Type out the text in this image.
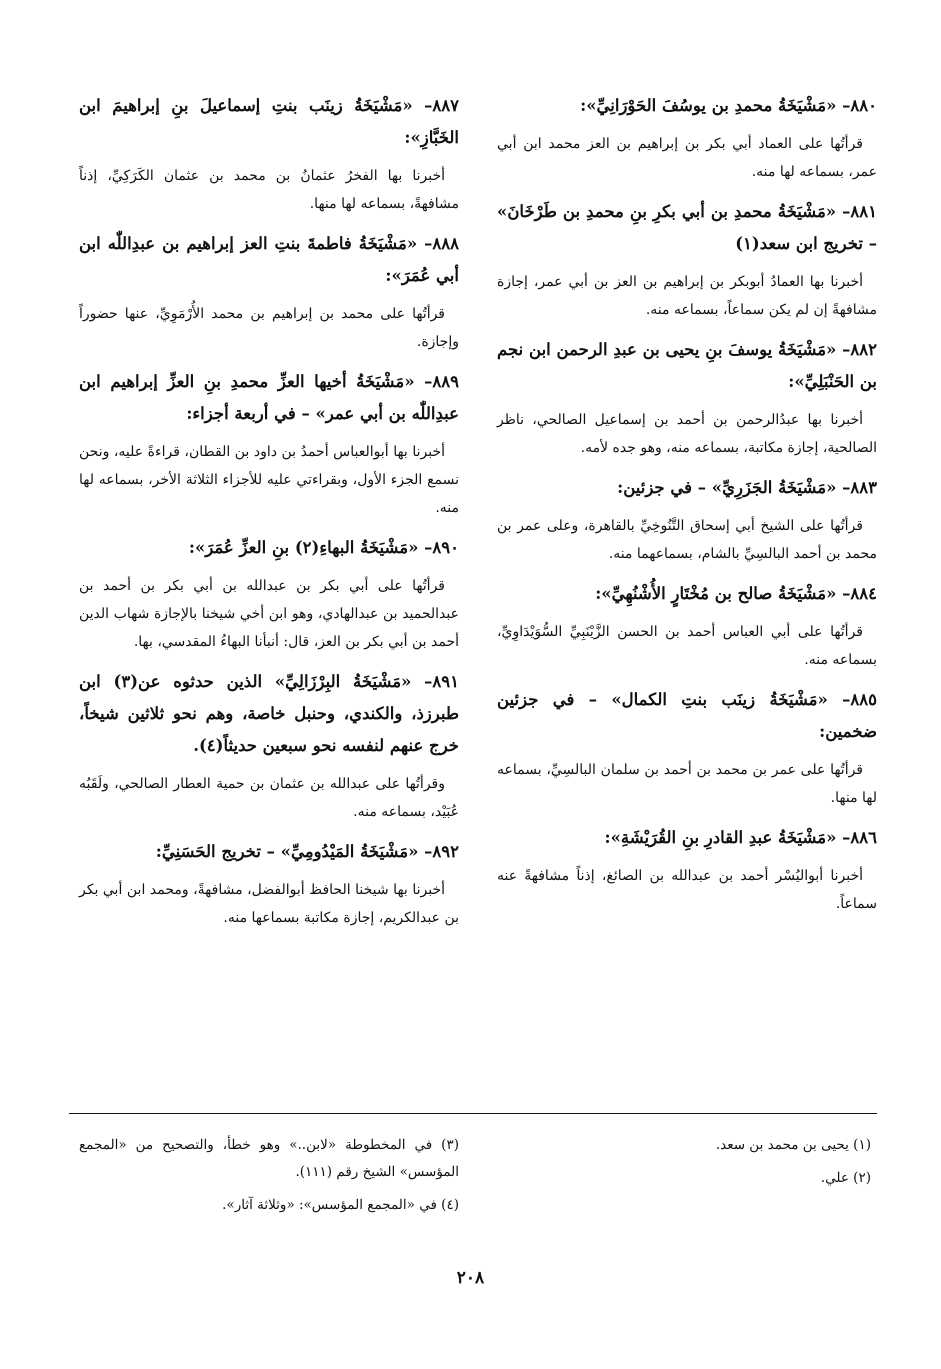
٨٨٠– «مَشْيَخَةُ محمدِ بن يوسُفَ الحَوْرَانِيِّ»:

قرأتُها على العماد أبي بكر بن إبراهيم بن العز محمد ابن أبي عمر، بسماعه لها منه.

٨٨١– «مَشْيَخَةُ محمدِ بن أبي بكرِ بنِ محمدِ بن طَرْخَانَ» – تخريج ابن سعد(١)

أخبرنا بها العمادُ أبوبكر بن إبراهيم بن العز بن أبي عمر، إجازة مشافهةً إن لم يكن سماعاً، بسماعه منه.

٨٨٢– «مَشْيَخَةُ يوسفَ بنِ يحيى بن عبدِ الرحمن ابن نجم بن الحَنْبَلِيِّ»:

أخبرنا بها عبدُالرحمن بن أحمد بن إسماعيل الصالحي، ناظر الصالحية، إجازة مكاتبة، بسماعه منه، وهو جده لأمه.

٨٨٣– «مَشْيَخَةُ الجَزَرِيِّ» – في جزئين:

قرأتُها على الشيخ أبي إسحاق التَّنُوخِيِّ بالقاهرة، وعلى عمر بن محمد بن أحمد البالسِيِّ بالشام، بسماعهما منه.

٨٨٤– «مَشْيَخَةُ صالح بن مُخْتَارٍ الأُشْنُهِيِّ»:

قرأتُها على أبي العباس أحمد بن الحسن الزَّيْنَبِيِّ السُّوَيْدَاوِيِّ، بسماعه منه.

٨٨٥– «مَشْيَخَةُ زينَب بنتِ الكمال» – في جزئين ضخمين:

قرأتُها على عمر بن محمد بن أحمد بن سلمان البالسِيِّ، بسماعه لها منها.

٨٨٦– «مَشْيَخَةُ عبدِ القادرِ بنِ القُرَيْشَةِ»:

أخبرنا أبواليُسْر أحمد بن عبدالله بن الصائغ، إذناً مشافهةً عنه سماعاً.

٨٨٧– «مَشْيَخَةُ زينَب بنتِ إسماعيلَ بنِ إبراهيمَ ابن الخَبَّازِ»:

أخبرنا بها الفخرُ عثمانُ بن محمد بن عثمان الكَرَكِيِّ، إذناً مشافهةً، بسماعه لها منها.

٨٨٨– «مَشْيَخَةُ فاطمةَ بنتِ العز إبراهيم بن عبدِاللّٰه ابن أبي عُمَرَ»:

قرأتُها على محمد بن إبراهيم بن محمد الأُرْمَوِيِّ، عنها حضوراً وإجازة.

٨٨٩– «مَشْيَخَةُ أخيها العزِّ محمدِ بنِ العزِّ إبراهيم ابن عبدِاللّٰه بن أبي عمر» – في أربعة أجزاء:

أخبرنا بها أبوالعباس أحمدُ بن داود بن القطان، قراءةً عليه، ونحن نسمع الجزء الأول، وبقراءتي عليه للأجزاء الثلاثة الأخر، بسماعه لها منه.

٨٩٠– «مَشْيَخَةُ البهاءِ(٢) بنِ العزِّ عُمَرَ»:

قرأتُها على أبي بكر بن عبدالله بن أبي بكر بن أحمد بن عبدالحميد بن عبدالهادي، وهو ابن أخي شيخنا بالإجازة شهاب الدين أحمد بن أبي بكر بن العز، قال: أنبأنا البهاءُ المقدسي، بها.

٨٩١– «مَشْيَخَةُ البِرْزَالِيِّ» الذين حدثوه عن(٣) ابن طبرزذ، والكندي، وحنبل خاصة، وهم نحو ثلاثين شيخاً، خرج عنهم لنفسه نحو سبعين حديثاً(٤).

وقرأتُها على عبدالله بن عثمان بن حمية العطار الصالحي، ولَقَبُه عُبَيْد، بسماعه منه.

٨٩٢– «مَشْيَخَةُ المَيْدُومِيِّ» – تخريج الحَسَنِيِّ:

أخبرنا بها شيخنا الحافظ أبوالفضل، مشافهةً، ومحمد ابن أبي بكر بن عبدالكريم، إجازة مكاتبة بسماعها منه.

(١) يحيى بن محمد بن سعد.

(٢) علي.

(٣) في المخطوطة «لابن..» وهو خطأ، والتصحيح من «المجمع المؤسس» الشيخ رقم (١١١).

(٤) في «المجمع المؤسس»: «وثلاثة آثار».

٢٠٨
